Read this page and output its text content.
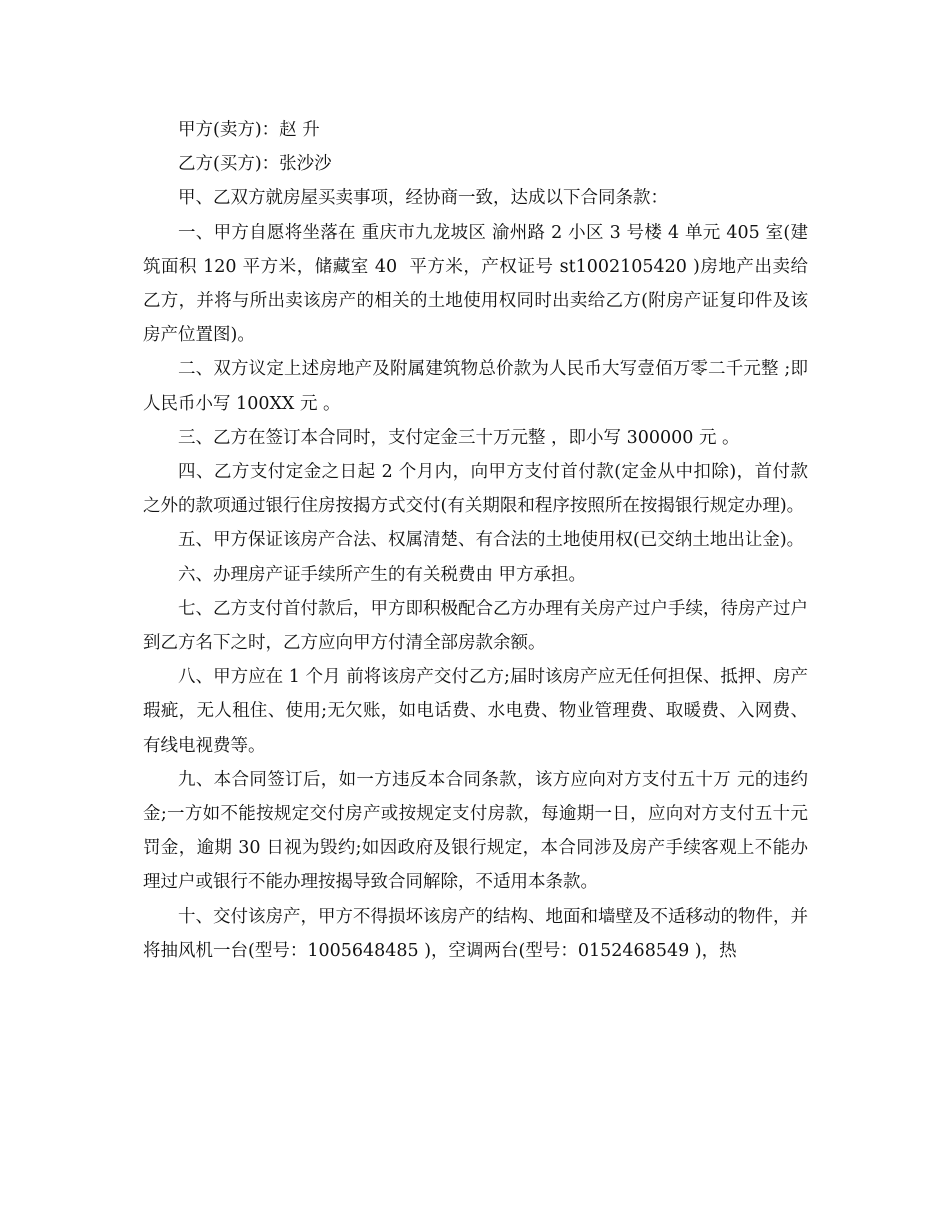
甲方(卖方)：赵 升

乙方(买方)：张沙沙

甲、乙双方就房屋买卖事项，经协商一致，达成以下合同条款：

一、甲方自愿将坐落在 重庆市九龙坡区 渝州路 2 小区 3 号楼 4 单元 405 室(建筑面积 120 平方米，储藏室 40  平方米，产权证号 st1002105420 )房地产出卖给乙方，并将与所出卖该房产的相关的土地使用权同时出卖给乙方(附房产证复印件及该房产位置图)。

二、双方议定上述房地产及附属建筑物总价款为人民币大写壹佰万零二千元整 ;即人民币小写 100XX 元 。

三、乙方在签订本合同时，支付定金三十万元整 ，即小写 300000 元 。

四、乙方支付定金之日起 2 个月内，向甲方支付首付款(定金从中扣除)，首付款之外的款项通过银行住房按揭方式交付(有关期限和程序按照所在按揭银行规定办理)。

五、甲方保证该房产合法、权属清楚、有合法的土地使用权(已交纳土地出让金)。

六、办理房产证手续所产生的有关税费由 甲方承担。

七、乙方支付首付款后，甲方即积极配合乙方办理有关房产过户手续，待房产过户到乙方名下之时，乙方应向甲方付清全部房款余额。

八、甲方应在 1 个月 前将该房产交付乙方;届时该房产应无任何担保、抵押、房产瑕疵，无人租住、使用;无欠账，如电话费、水电费、物业管理费、取暖费、入网费、有线电视费等。

九、本合同签订后，如一方违反本合同条款，该方应向对方支付五十万 元的违约金;一方如不能按规定交付房产或按规定支付房款，每逾期一日，应向对方支付五十元罚金，逾期 30 日视为毁约;如因政府及银行规定，本合同涉及房产手续客观上不能办理过户或银行不能办理按揭导致合同解除，不适用本条款。

十、交付该房产，甲方不得损坏该房产的结构、地面和墙壁及不适移动的物件，并将抽风机一台(型号：1005648485 )，空调两台(型号：0152468549 )，热
